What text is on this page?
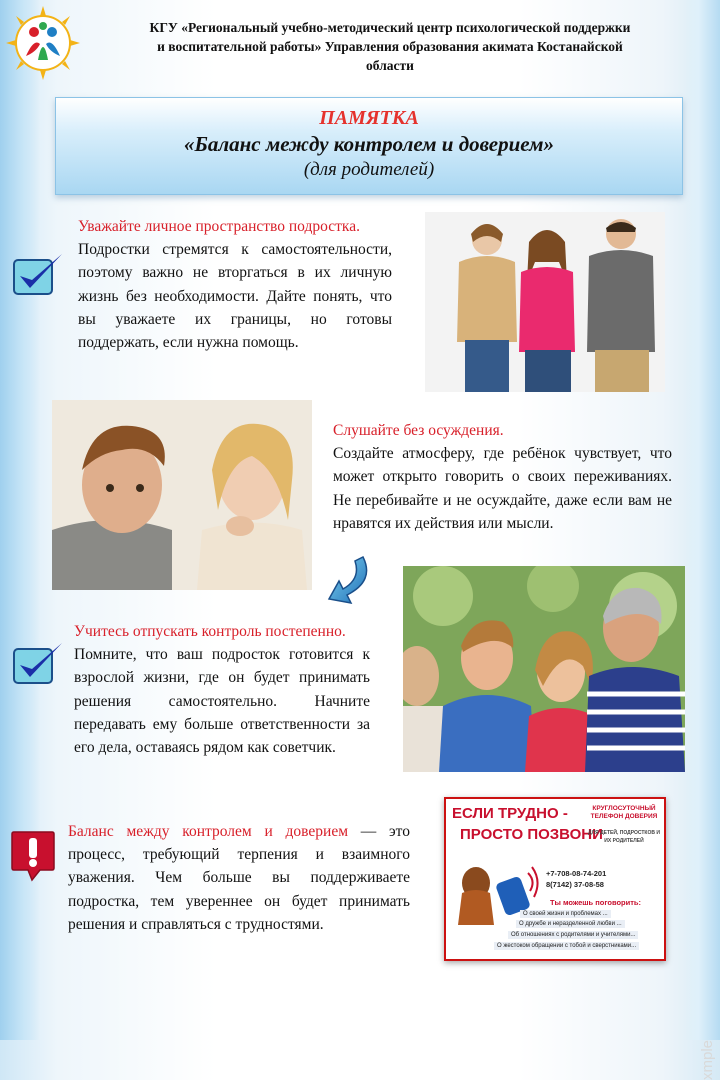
КГУ «Региональный учебно-методический центр психологической поддержки
и воспитательной работы» Управления образования акимата Костанайской
области
ПАМЯТКА
«Баланс между контролем и доверием»
(для родителей)
Уважайте личное пространство подростка.
Подростки стремятся к самостоятельности, поэтому важно не вторгаться в их личную жизнь без необходимости. Дайте понять, что вы уважаете их границы, но готовы поддержать, если нужна помощь.
Слушайте без осуждения.
Создайте атмосферу, где ребёнок чувствует, что может открыто говорить о своих переживаниях. Не перебивайте и не осуждайте, даже если вам не нравятся их действия или мысли.
Учитесь отпускать контроль постепенно.
Помните, что ваш подросток готовится к взрослой жизни, где он будет принимать решения самостоятельно. Начните передавать ему больше ответственности за его дела, оставаясь рядом как советчик.
Баланс между контролем и доверием — это процесс, требующий терпения и взаимного уважения. Чем больше вы поддерживаете подростка, тем увереннее он будет принимать решения и справляться с трудностями.
ЕСЛИ ТРУДНО -
ПРОСТО ПОЗВОНИ
КРУГЛОСУТОЧНЫЙ ТЕЛЕФОН ДОВЕРИЯ
ДЛЯ ДЕТЕЙ, ПОДРОСТКОВ И ИХ РОДИТЕЛЕЙ
+7-708-08-74-201
8(7142) 37-08-58
Ты можешь поговорить:
О своей жизни и проблемах ...
О дружбе и неразделенной любви ...
Об отношениях с родителями и учителями...
О жестоком обращении с тобой и сверстниками...
xmple
